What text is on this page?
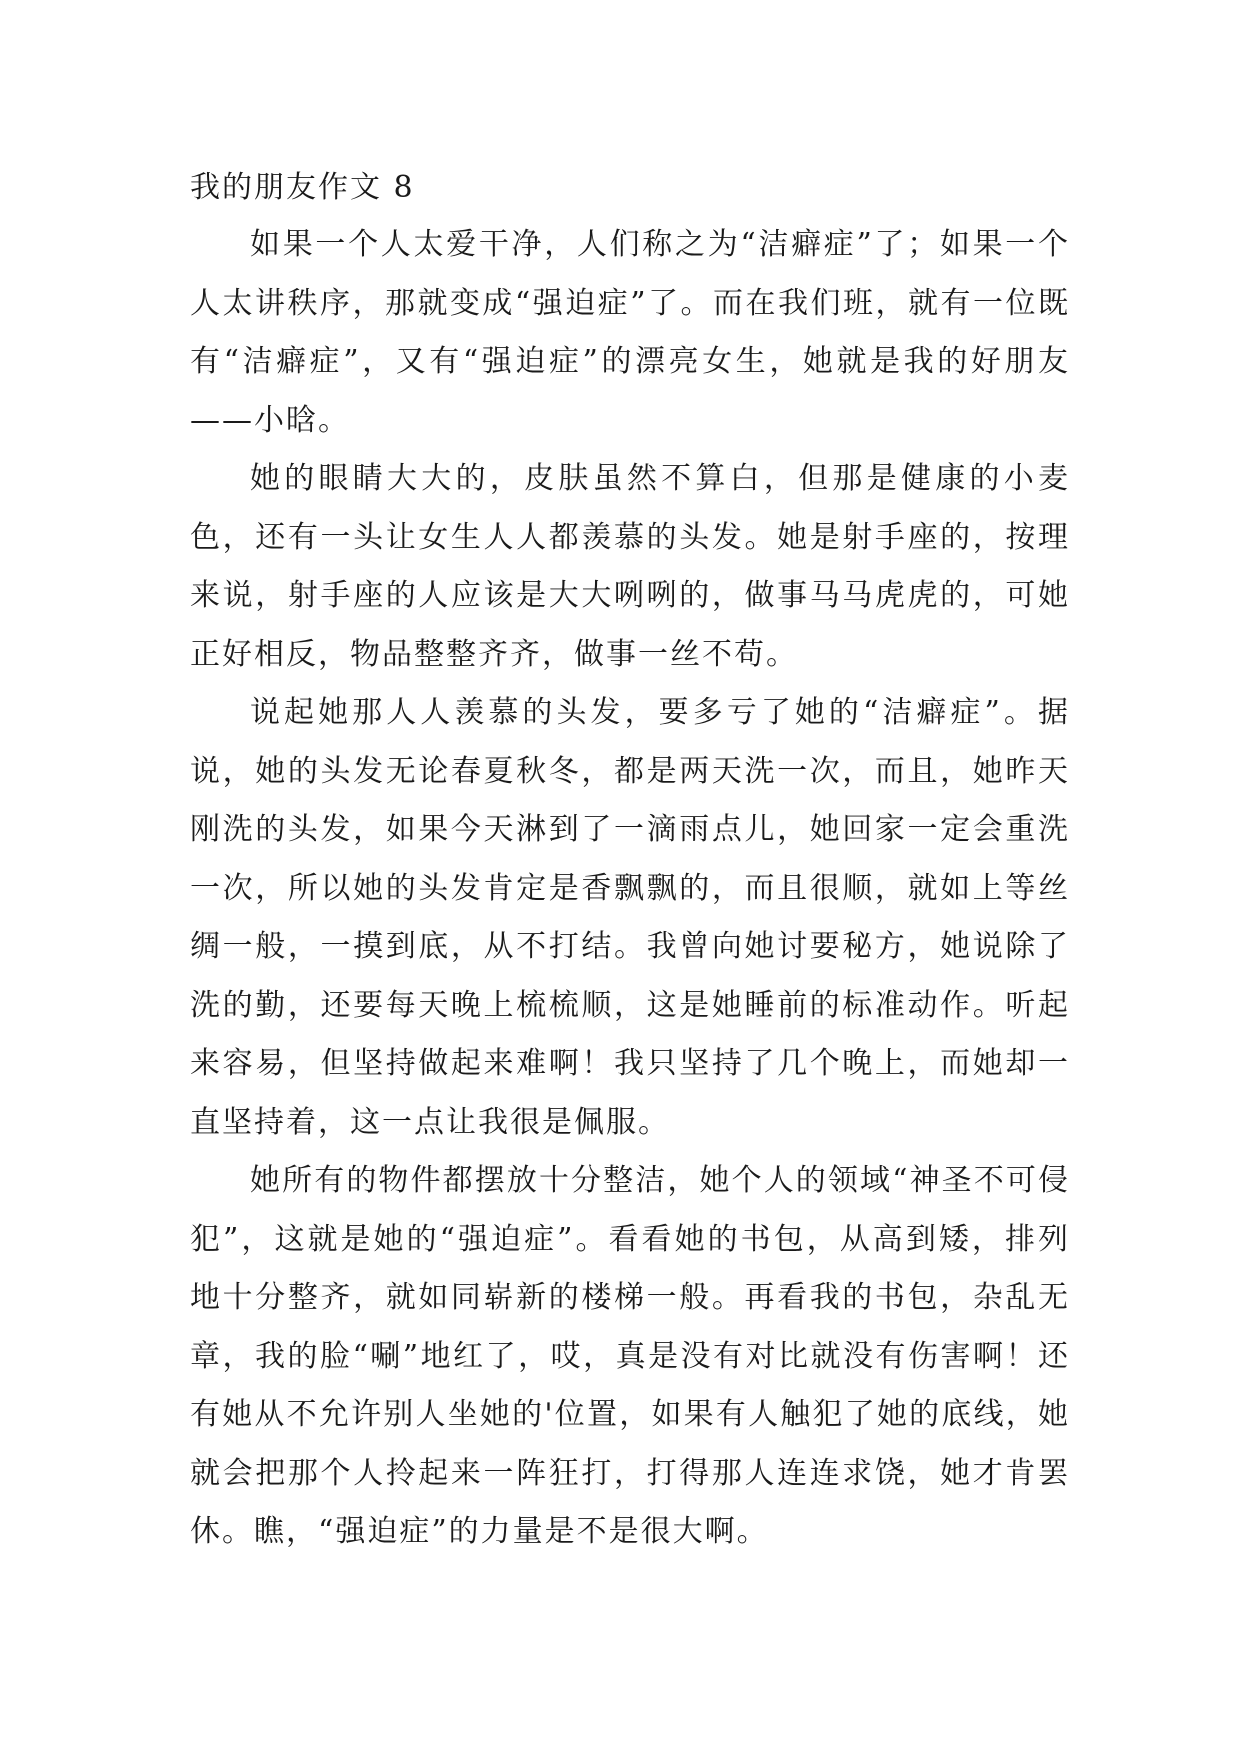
我的朋友作文 8

如果一个人太爱干净，人们称之为“洁癖症”了；如果一个人太讲秩序，那就变成“强迫症”了。而在我们班，就有一位既有“洁癖症”，又有“强迫症”的漂亮女生，她就是我的好朋友——小晗。

她的眼睛大大的，皮肤虽然不算白，但那是健康的小麦色，还有一头让女生人人都羡慕的头发。她是射手座的，按理来说，射手座的人应该是大大咧咧的，做事马马虎虎的，可她正好相反，物品整整齐齐，做事一丝不苟。

说起她那人人羡慕的头发，要多亏了她的“洁癖症”。据说，她的头发无论春夏秋冬，都是两天洗一次，而且，她昨天刚洗的头发，如果今天淋到了一滴雨点儿，她回家一定会重洗一次，所以她的头发肯定是香飘飘的，而且很顺，就如上等丝绸一般，一摸到底，从不打结。我曾向她讨要秘方，她说除了洗的勤，还要每天晚上梳梳顺，这是她睡前的标准动作。听起来容易，但坚持做起来难啊！我只坚持了几个晚上，而她却一直坚持着，这一点让我很是佩服。

她所有的物件都摆放十分整洁，她个人的领域“神圣不可侵犯”，这就是她的“强迫症”。看看她的书包，从高到矮，排列地十分整齐，就如同崭新的楼梯一般。再看我的书包，杂乱无章，我的脸“唰”地红了，哎，真是没有对比就没有伤害啊！还有她从不允许别人坐她的'位置，如果有人触犯了她的底线，她就会把那个人拎起来一阵狂打，打得那人连连求饶，她才肯罢休。瞧，“强迫症”的力量是不是很大啊。
